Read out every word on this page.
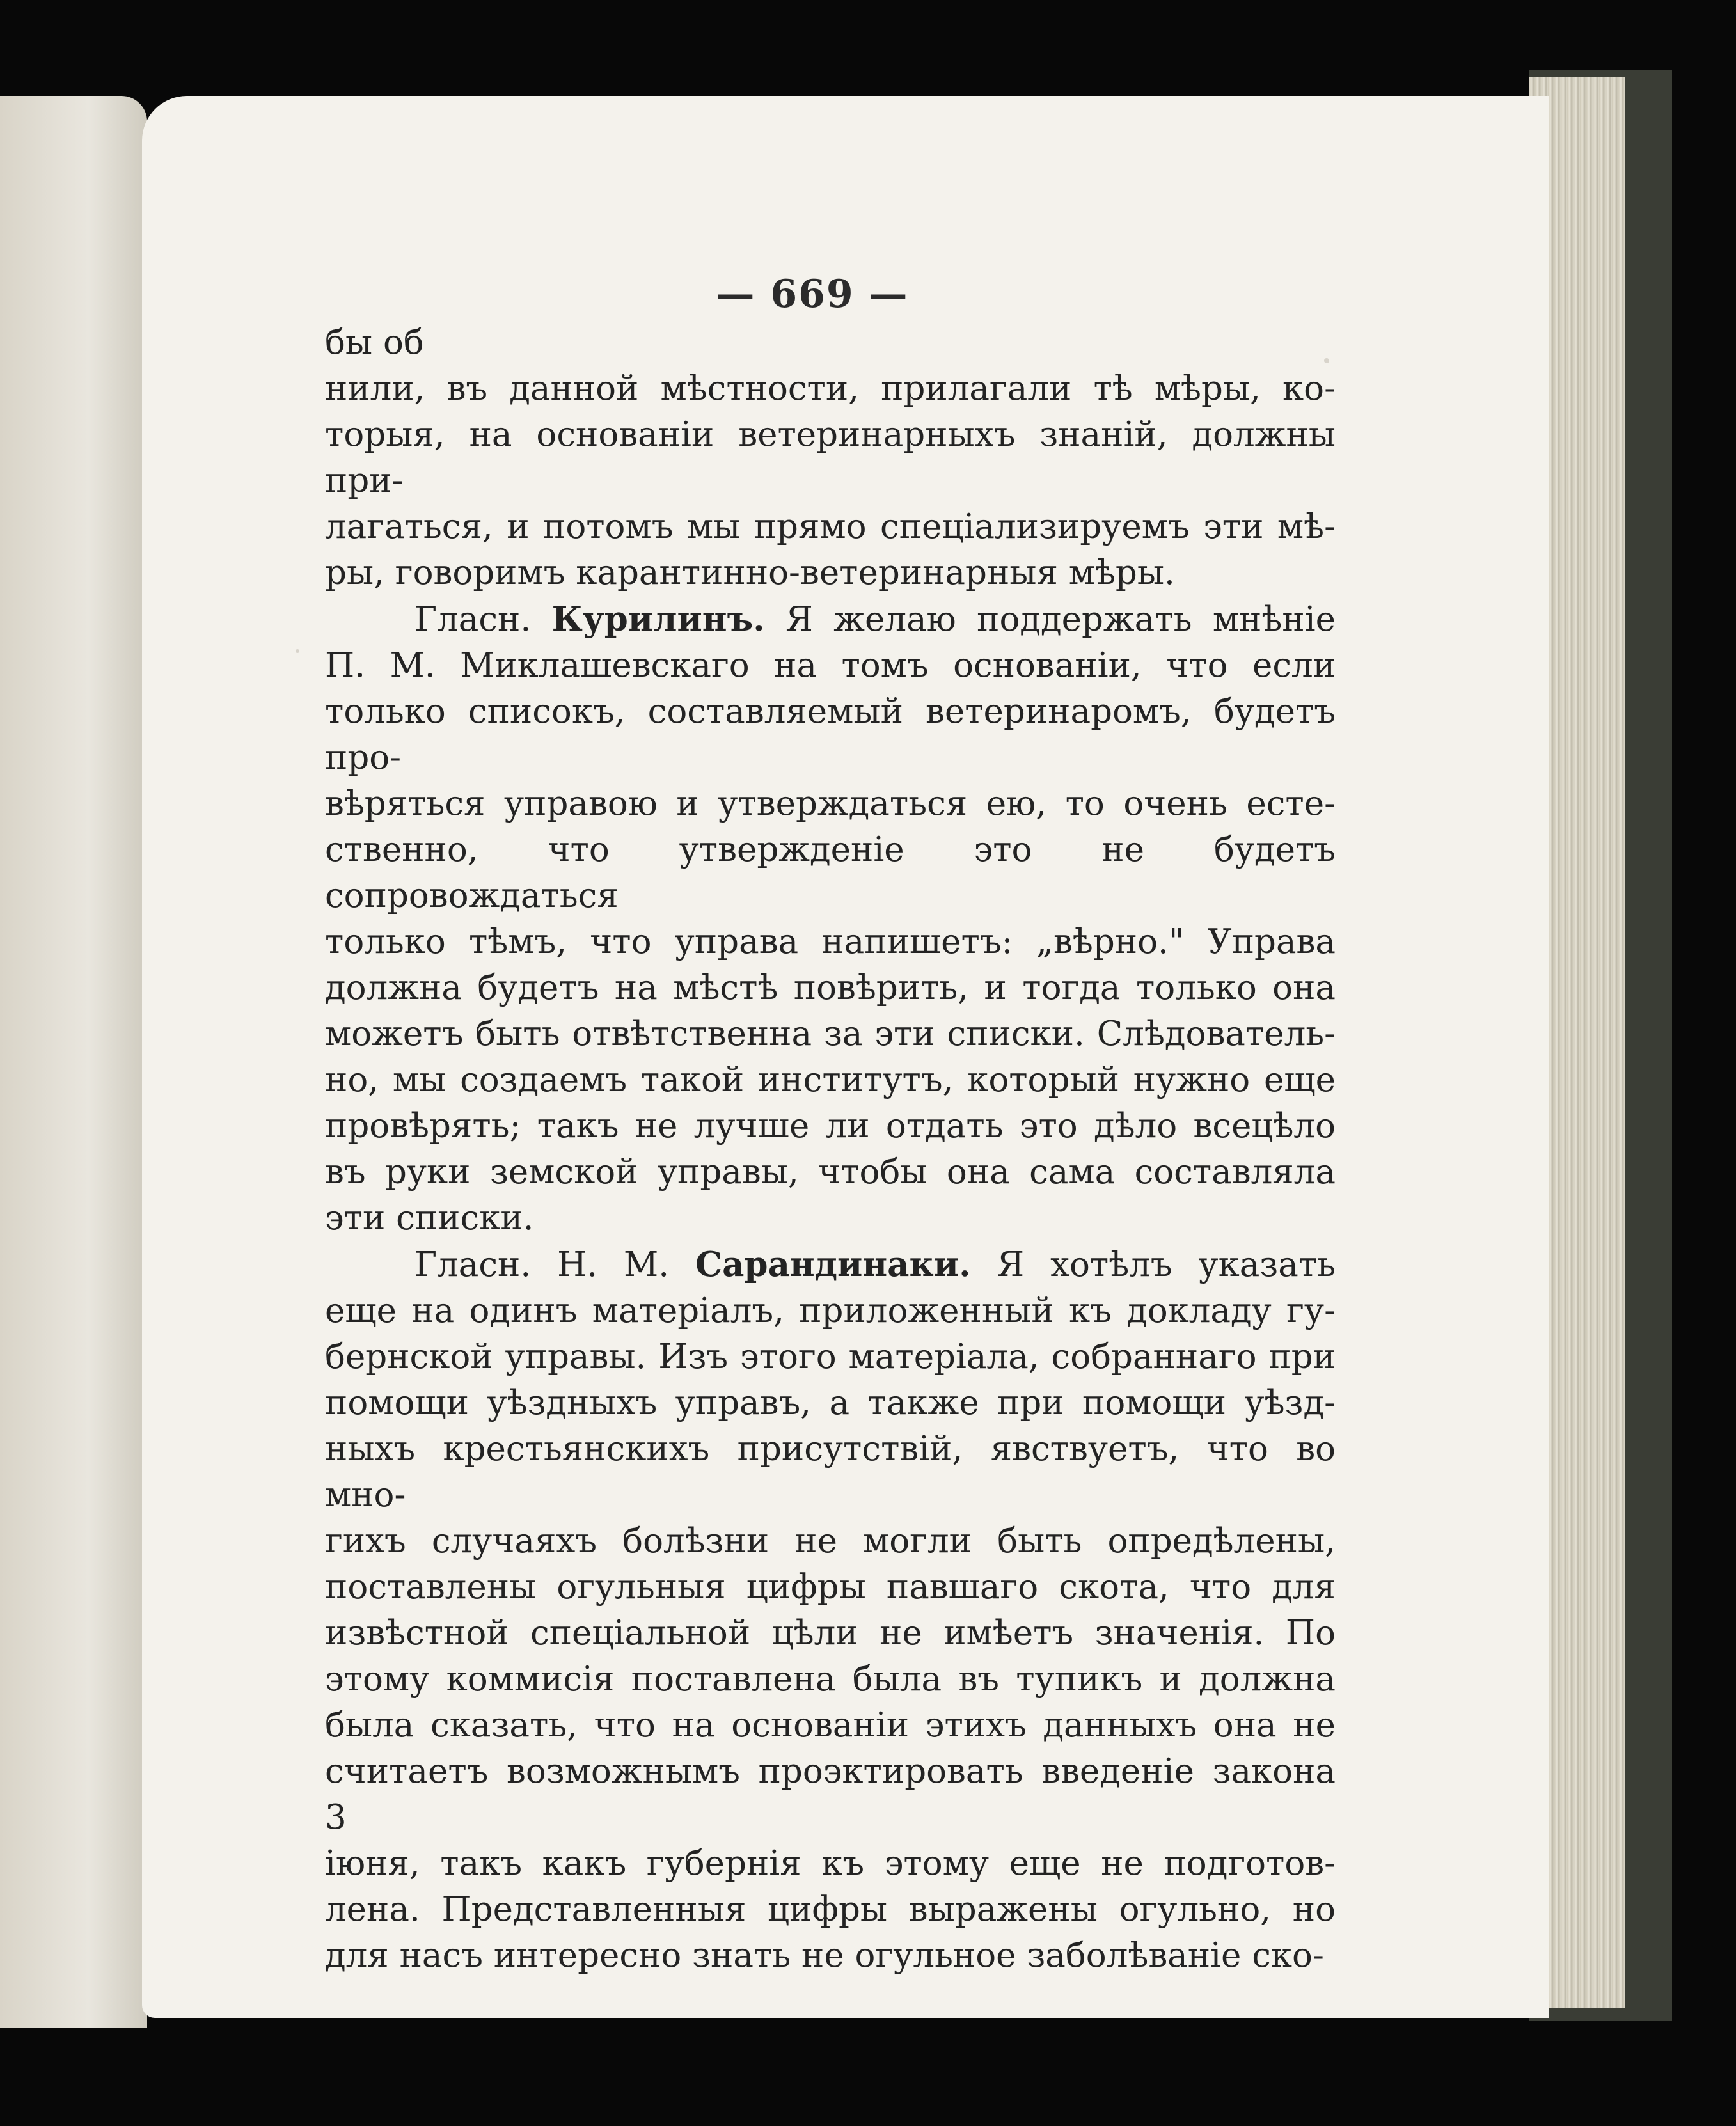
— 669 —

бы об

нили, въ данной мѣстности, прилагали тѣ мѣры, ко-

торыя, на основаніи ветеринарныхъ знаній, должны при-

лагаться, и потомъ мы прямо спеціализируемъ эти мѣ-

ры, говоримъ карантинно-ветеринарныя мѣры.

Гласн. Курилинъ. Я желаю поддержать мнѣніе

П. М. Миклашевскаго на томъ основаніи, что если

только списокъ, составляемый ветеринаромъ, будетъ про-

вѣряться управою и утверждаться ею, то очень есте-

ственно, что утвержденіе это не будетъ сопровождаться

только тѣмъ, что управа напишетъ: „вѣрно." Управа

должна будетъ на мѣстѣ повѣрить, и тогда только она

можетъ быть отвѣтственна за эти списки. Слѣдователь-

но, мы создаемъ такой институтъ, который нужно еще

провѣрять; такъ не лучше ли отдать это дѣло всецѣло

въ руки земской управы, чтобы она сама составляла

эти списки.

Гласн. Н. М. Сарандинаки. Я хотѣлъ указать

еще на одинъ матеріалъ, приложенный къ докладу гу-

бернской управы. Изъ этого матеріала, собраннаго при

помощи уѣздныхъ управъ, а также при помощи уѣзд-

ныхъ крестьянскихъ присутствій, явствуетъ, что во мно-

гихъ случаяхъ болѣзни не могли быть опредѣлены,

поставлены огульныя цифры павшаго скота, что для

извѣстной спеціальной цѣли не имѣетъ значенія. По

этому коммисія поставлена была въ тупикъ и должна

была сказать, что на основаніи этихъ данныхъ она не

считаетъ возможнымъ проэктировать введеніе закона 3

іюня, такъ какъ губернія къ этому еще не подготов-

лена. Представленныя цифры выражены огульно, но

для насъ интересно знать не огульное заболѣваніе ско-
